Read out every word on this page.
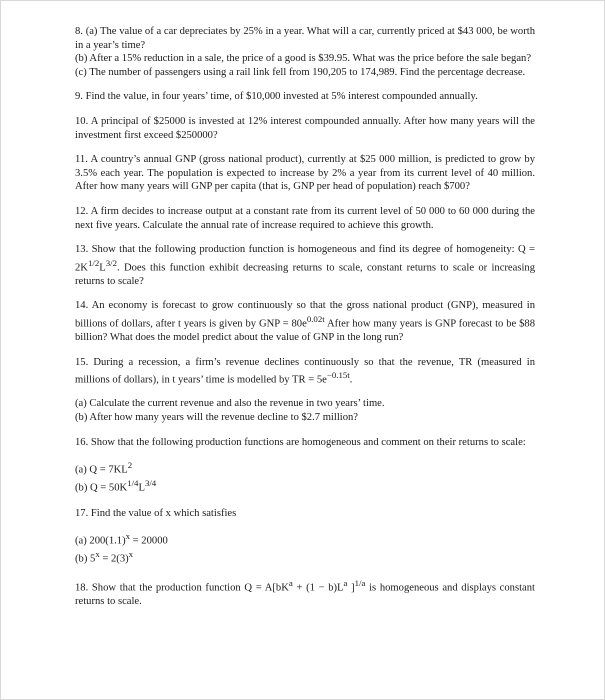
8. (a) The value of a car depreciates by 25% in a year. What will a car, currently priced at $43 000, be worth in a year’s time?

(b) After a 15% reduction in a sale, the price of a good is $39.95. What was the price before the sale began?

(c) The number of passengers using a rail link fell from 190,205 to 174,989. Find the percentage decrease.

9. Find the value, in four years’ time, of $10,000 invested at 5% interest compounded annually.

10. A principal of $25000 is invested at 12% interest compounded annually. After how many years will the investment first exceed $250000?

11. A country’s annual GNP (gross national product), currently at $25 000 million, is predicted to grow by 3.5% each year. The population is expected to increase by 2% a year from its current level of 40 million. After how many years will GNP per capita (that is, GNP per head of population) reach $700?

12. A firm decides to increase output at a constant rate from its current level of 50 000 to 60 000 during the next five years. Calculate the annual rate of increase required to achieve this growth.

13. Show that the following production function is homogeneous and find its degree of homogeneity: $Q = 2K^{1/2}L^{3/2}$. Does this function exhibit decreasing returns to scale, constant returns to scale or increasing returns to scale?

14. An economy is forecast to grow continuously so that the gross national product (GNP), measured in billions of dollars, after t years is given by GNP = $80e^{0.02t}$ After how many years is GNP forecast to be $88 billion? What does the model predict about the value of GNP in the long run?

15. During a recession, a firm’s revenue declines continuously so that the revenue, TR (measured in millions of dollars), in t years’ time is modelled by TR = $5e^{-0.15t}$.

(a) Calculate the current revenue and also the revenue in two years’ time.

(b) After how many years will the revenue decline to $2.7 million?

16. Show that the following production functions are homogeneous and comment on their returns to scale:

(a) $Q = 7KL^2$

(b) $Q = 50K^{1/4}L^{3/4}$

17. Find the value of x which satisfies

(a) $200(1.1)^x = 20000$

(b) $5^x = 2(3)^x$

18. Show that the production function $Q = A[bK^a + (1 - b)L^a$ ]$^{1/a}$ is homogeneous and displays constant returns to scale.
